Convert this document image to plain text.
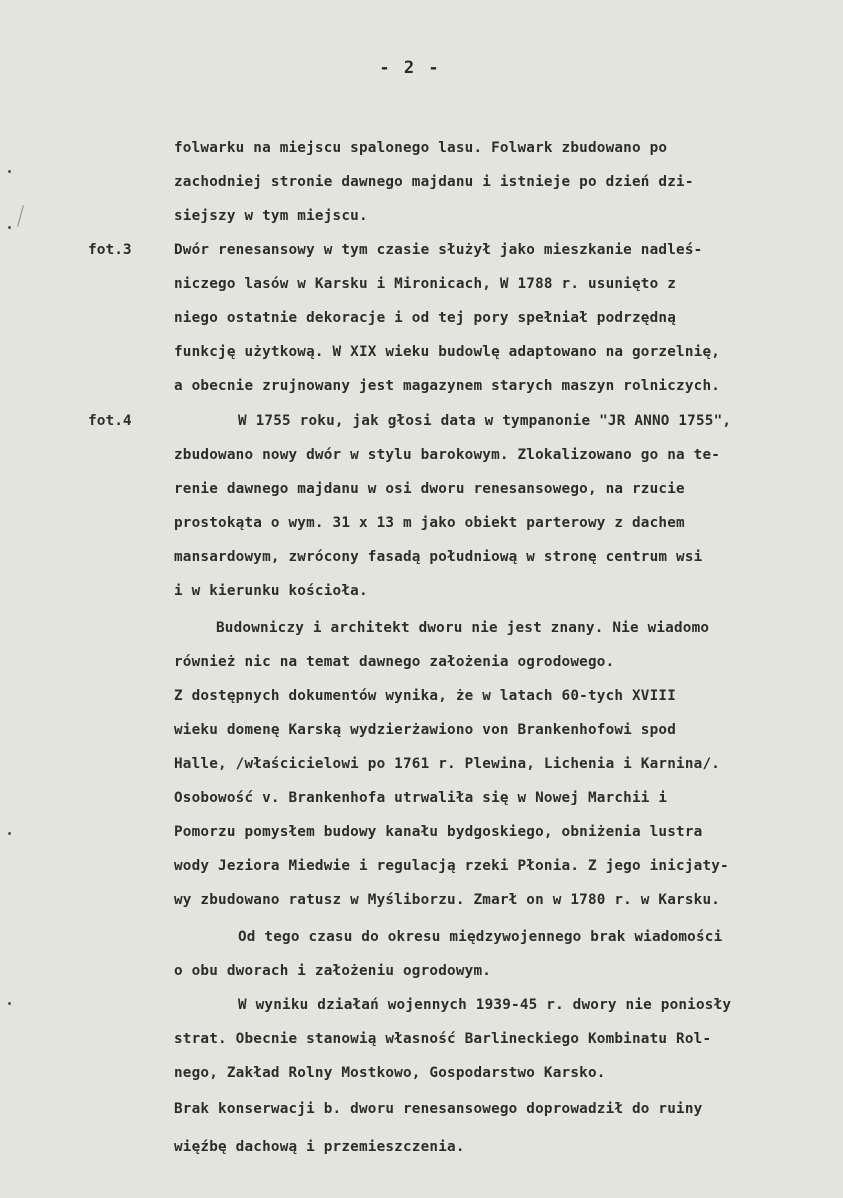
- 2 -
fot.3
fot.4
folwarku na miejscu spalonego lasu. Folwark zbudowano po
zachodniej stronie dawnego majdanu i istnieje po dzień dzi-
siejszy w tym miejscu.
Dwór renesansowy w tym czasie służył jako mieszkanie nadleś-
niczego lasów w Karsku i Mironicach, W 1788 r. usunięto z
niego ostatnie dekoracje i od tej pory spełniał podrzędną
funkcję użytkową. W XIX wieku budowlę adaptowano na gorzelnię,
a obecnie zrujnowany jest magazynem starych maszyn rolniczych.
W 1755 roku, jak głosi data w tympanonie "JR ANNO 1755",
zbudowano nowy dwór w stylu barokowym. Zlokalizowano go na te-
renie dawnego majdanu w osi dworu renesansowego, na rzucie
prostokąta o wym. 31 x 13 m jako obiekt parterowy z dachem
mansardowym, zwrócony fasadą południową w stronę centrum wsi
i w kierunku kościoła.
Budowniczy i architekt dworu nie jest znany. Nie wiadomo
również nic na temat dawnego założenia ogrodowego.
Z dostępnych dokumentów wynika, że w latach 60-tych XVIII
wieku domenę Karską wydzierżawiono von Brankenhofowi spod
Halle, /właścicielowi po 1761 r. Plewina, Lichenia i Karnina/.
Osobowość v. Brankenhofa utrwaliła się w Nowej Marchii i
Pomorzu pomysłem budowy kanału bydgoskiego, obniżenia lustra
wody Jeziora Miedwie i regulacją rzeki Płonia. Z jego inicjaty-
wy zbudowano ratusz w Myśliborzu. Zmarł on w 1780 r. w Karsku.
Od tego czasu do okresu międzywojennego brak wiadomości
o obu dworach i założeniu ogrodowym.
W wyniku działań wojennych 1939-45 r. dwory nie poniosły
strat. Obecnie stanowią własność Barlineckiego Kombinatu Rol-
nego, Zakład Rolny Mostkowo, Gospodarstwo Karsko.
Brak konserwacji b. dworu renesansowego doprowadził do ruiny
więźbę dachową i przemieszczenia.
